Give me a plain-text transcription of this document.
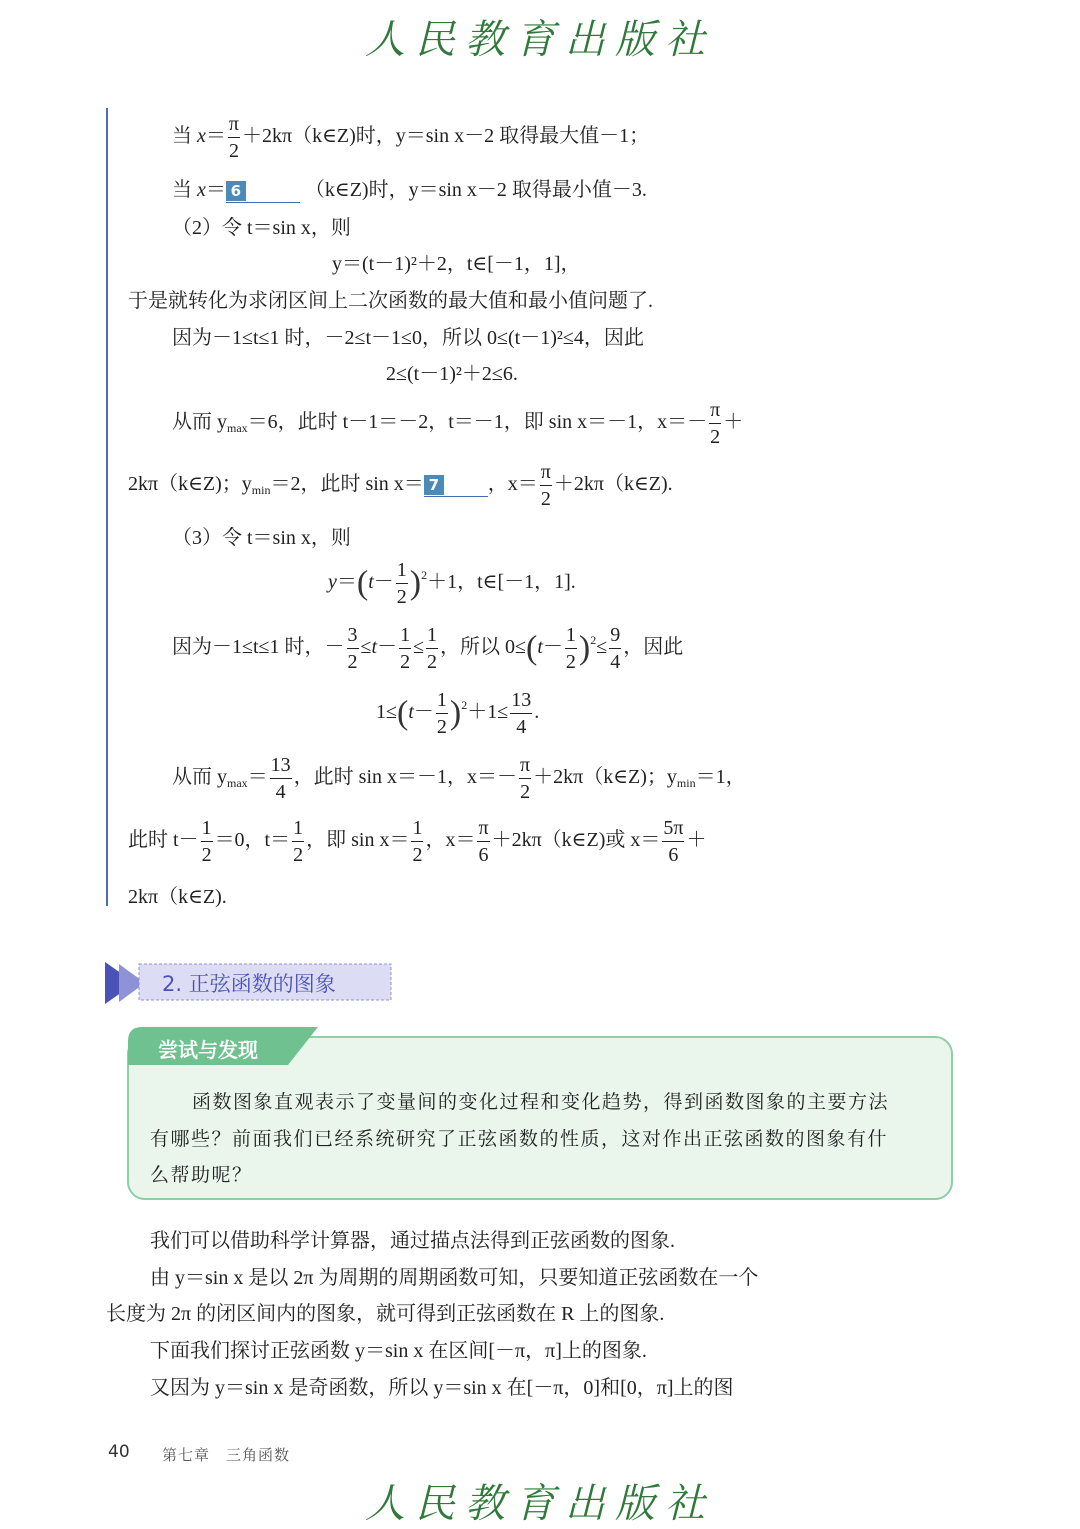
人民教育出版社
当 $x= \frac{\pi}{2}$ ＋2kπ（k∈Z)时，y＝sin x－2 取得最大值－1；
当 x＝ 6	（k∈Z)时，y＝sin x－2 取得最小值－3.
（2）令 t＝sin x，则
y＝(t－1)²＋2，t∈[－1，1]，
于是就转化为求闭区间上二次函数的最大值和最小值问题了.
因为－1≤t≤1 时，－2≤t－1≤0，所以 0≤(t－1)²≤4，因此
2≤(t－1)²＋2≤6.
从而 $y_{max}=6$，此时 t－1＝－2，t＝－1，即 sin x＝－1，$x=- \frac{\pi}{2}$ ＋
2kπ（k∈Z)；$y_{min}=2$，此时 sin x＝ 7 ，$x= \frac{\pi}{2}$ ＋2kπ（k∈Z).
（3）令 t＝sin x，则
$y=(t- \frac{1}{2} )^2+1$，t∈[－1，1].
因为－1≤t≤1 时，－ $\frac{3}{2} \le t- \frac{1}{2} \le \frac{1}{2}$ ，所以 $0\le(t- \frac{1}{2} )^2\le \frac{9}{4}$ ，因此
$1\le(t- \frac{1}{2} )^2+1\le \frac{13}{4}$ .
从而 $y_{max}= \frac{13}{4}$ ，此时 sin x＝－1，$x=- \frac{\pi}{2}$ ＋2kπ（k∈Z)；$y_{min}=1$，
此时 $t- \frac{1}{2} =0$，$t= \frac{1}{2}$ ，即 $\sin x= \frac{1}{2}$ ，$x= \frac{\pi}{6}$ ＋2kπ（k∈Z)或 $x= \frac{5\pi}{6}$ ＋
2kπ（k∈Z).
2. 正弦函数的图象
尝试与发现
函数图象直观表示了变量间的变化过程和变化趋势，得到函数图象的主要方法
有哪些？前面我们已经系统研究了正弦函数的性质，这对作出正弦函数的图象有什
么帮助呢？
我们可以借助科学计算器，通过描点法得到正弦函数的图象.
由 y＝sin x 是以 2π 为周期的周期函数可知，只要知道正弦函数在一个
长度为 2π 的闭区间内的图象，就可得到正弦函数在 R 上的图象.
下面我们探讨正弦函数 y＝sin x 在区间[－π，π]上的图象.
又因为 y＝sin x 是奇函数，所以 y＝sin x 在[－π，0]和[0，π]上的图
40 第七章　三角函数
人民教育出版社
